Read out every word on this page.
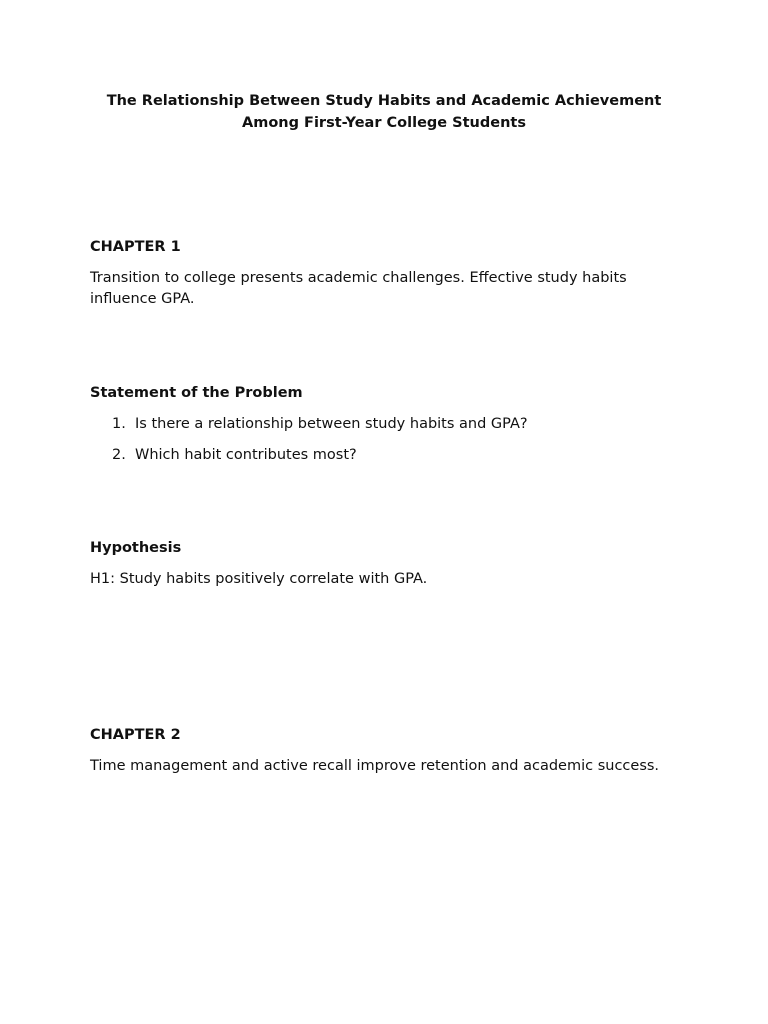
The Relationship Between Study Habits and Academic Achievement
Among First-Year College Students
CHAPTER 1

Transition to college presents academic challenges. Effective study habits influence GPA.

Statement of the Problem
1. Is there a relationship between study habits and GPA?
2. Which habit contributes most?
Hypothesis

H1: Study habits positively correlate with GPA.

CHAPTER 2

Time management and active recall improve retention and academic success.
